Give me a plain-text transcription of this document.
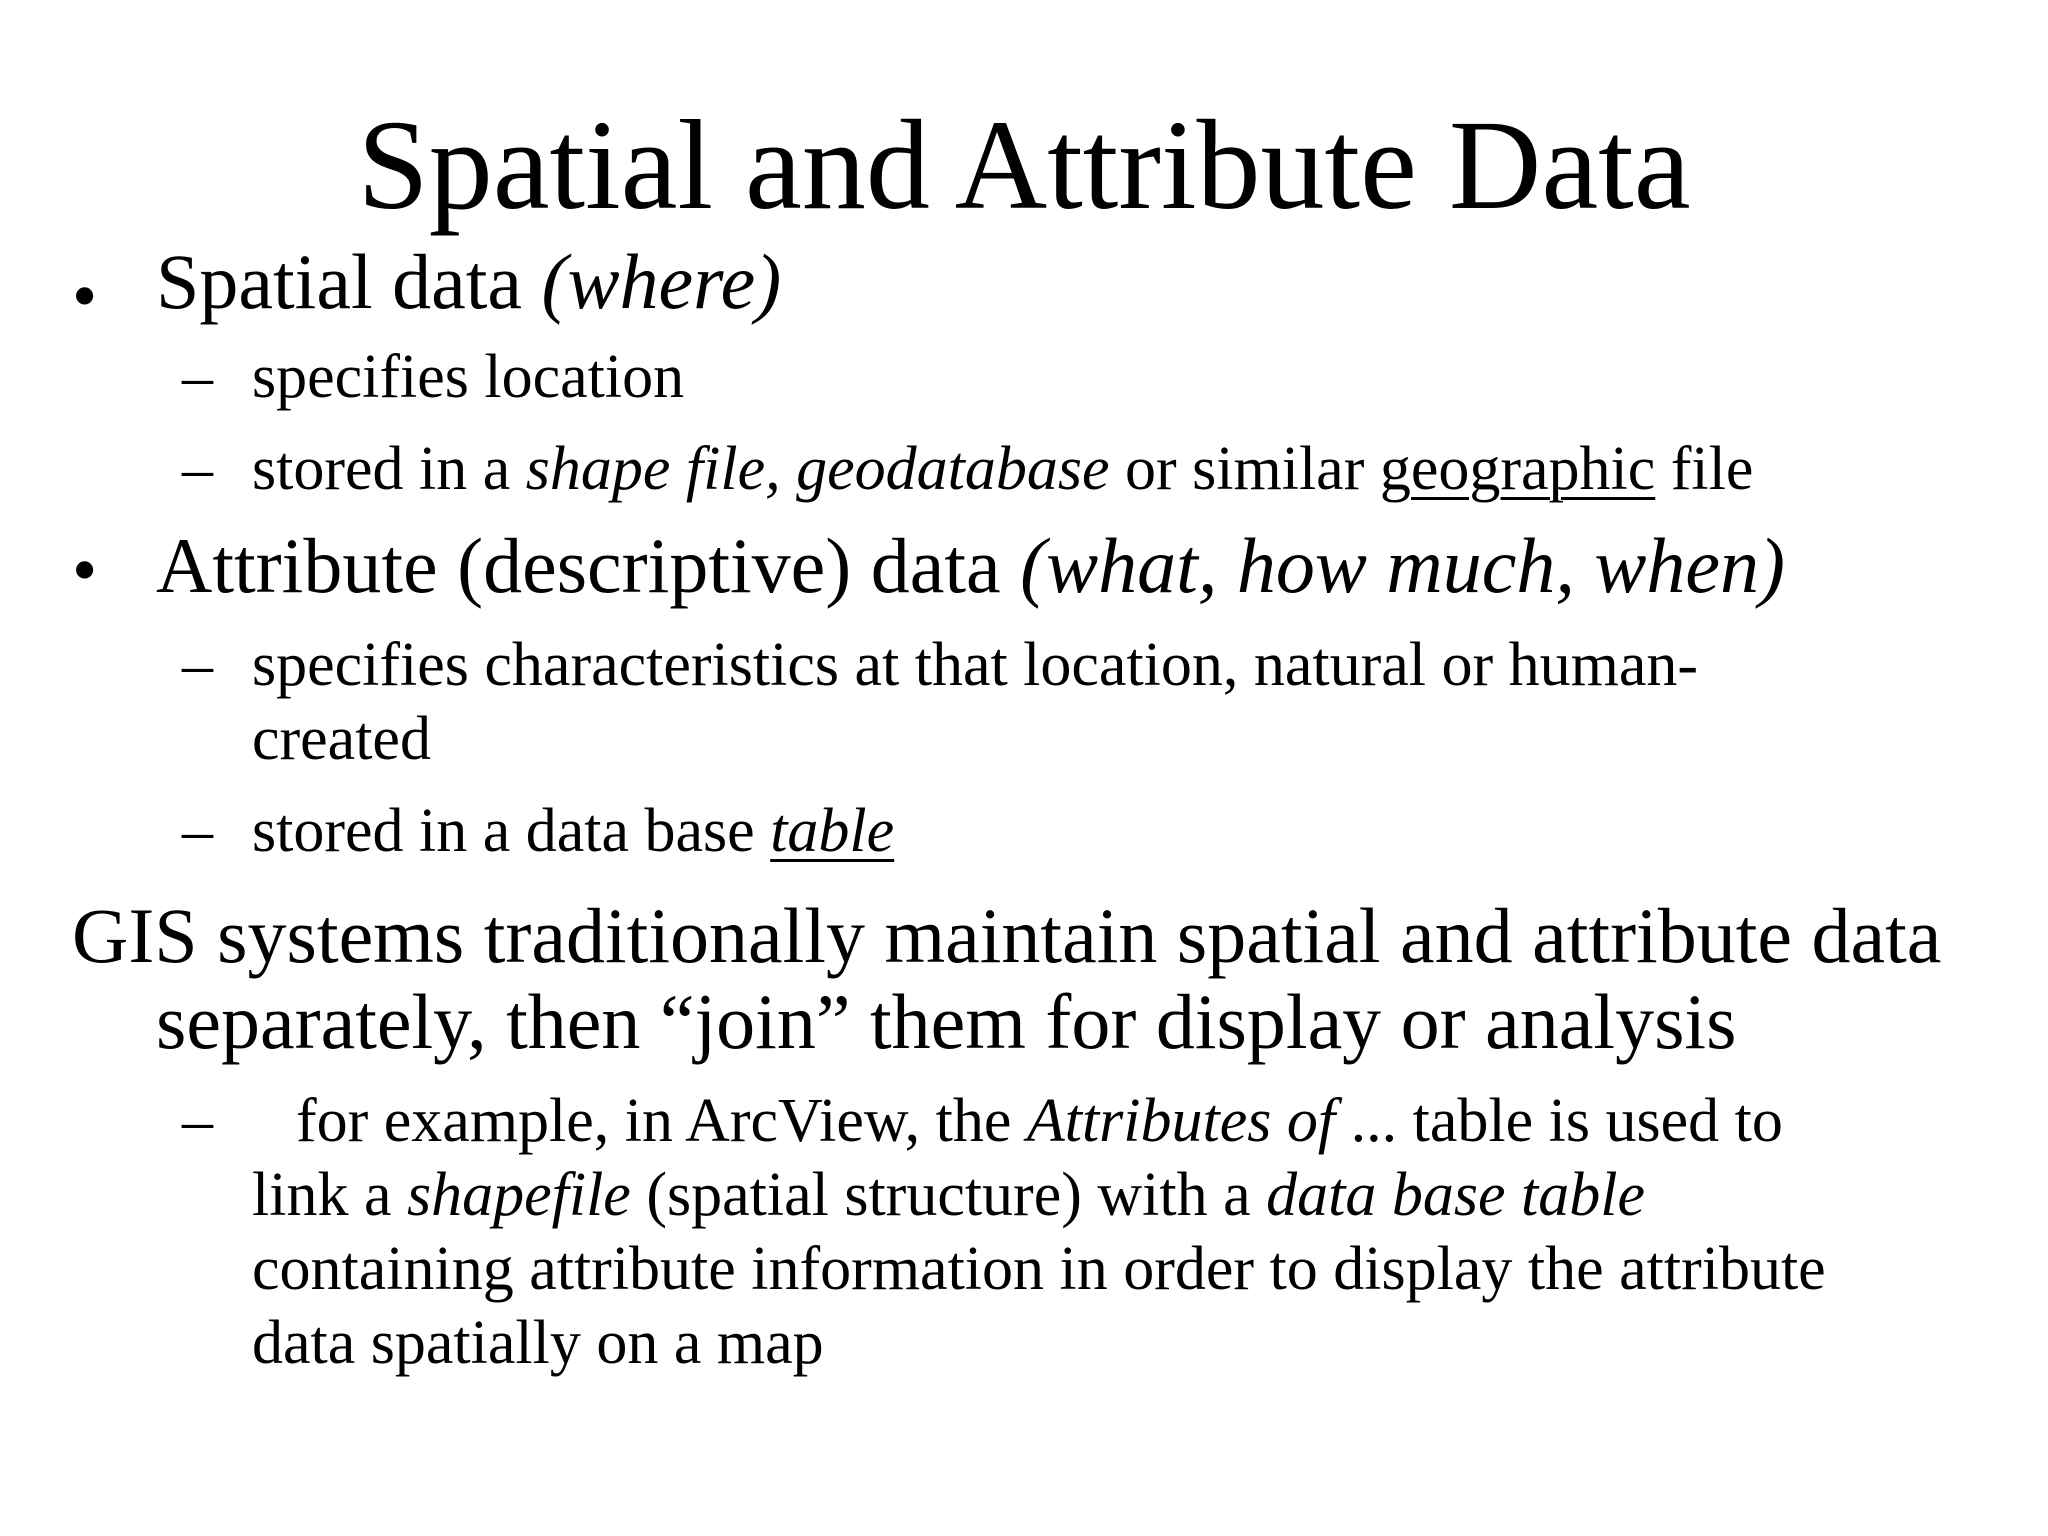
Spatial and Attribute Data
• Spatial data (where)
– specifies location
– stored in a shape file, geodatabase or similar geographic file
• Attribute (descriptive) data (what, how much, when)
– specifies characteristics at that location, natural or human-
created
– stored in a data base table
GIS systems traditionally maintain spatial and attribute data
separately, then “join” them for display or analysis
– for example, in ArcView, the Attributes of ... table is used to
link a shapefile (spatial structure) with a data base table
containing attribute information in order to display the attribute
data spatially on a map
